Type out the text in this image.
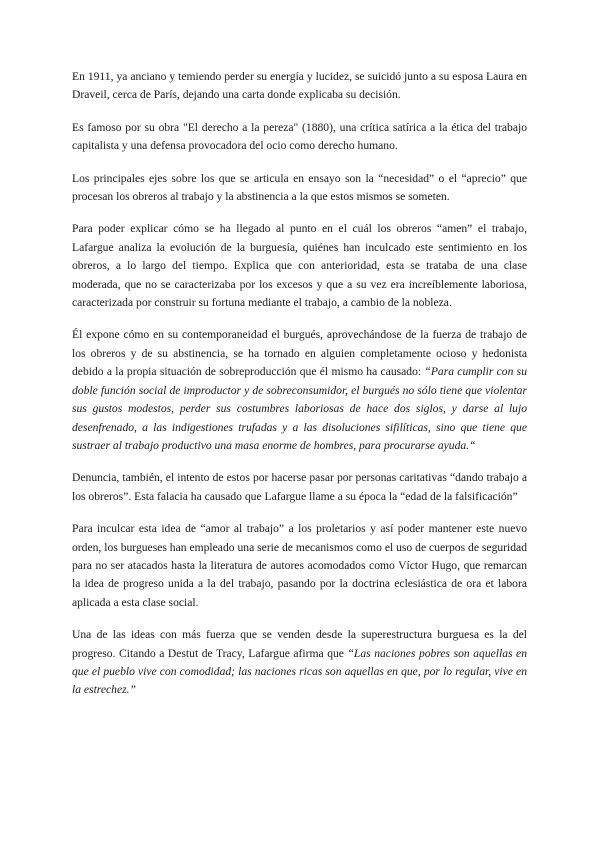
En 1911, ya anciano y temiendo perder su energía y lucidez, se suicidó junto a su esposa Laura en Draveil, cerca de París, dejando una carta donde explicaba su decisión.

Es famoso por su obra "El derecho a la pereza" (1880), una crítica satírica a la ética del trabajo capitalista y una defensa provocadora del ocio como derecho humano.

Los principales ejes sobre los que se articula en ensayo son la “necesidad” o el “aprecio” que procesan los obreros al trabajo y la abstinencia a la que estos mismos se someten.

Para poder explicar cómo se ha llegado al punto en el cuál los obreros “amen” el trabajo, Lafargue analiza la evolución de la burguesía, quiénes han inculcado este sentimiento en los obreros, a lo largo del tiempo. Explica que con anterioridad, esta se trataba de una clase moderada, que no se caracterizaba por los excesos y que a su vez era increíblemente laboriosa, caracterizada por construir su fortuna mediante el trabajo, a cambio de la nobleza.

Él expone cómo en su contemporaneidad el burgués, aprovechándose de la fuerza de trabajo de los obreros y de su abstinencia, se ha tornado en alguien completamente ocioso y hedonista debido a la propia situación de sobreproducción que él mismo ha causado: “Para cumplir con su doble función social de improductor y de sobreconsumidor, el burgués no sólo tiene que violentar sus gustos modestos, perder sus costumbres laboriosas de hace dos siglos, y darse al lujo desenfrenado, a las indigestiones trufadas y a las disoluciones sifilíticas, sino que tiene que sustraer al trabajo productivo una masa enorme de hombres, para procurarse ayuda.“

Denuncia, también, el intento de estos por hacerse pasar por personas caritativas “dando trabajo a los obreros”. Esta falacia ha causado que Lafargue llame a su época la “edad de la falsificación”

Para inculcar esta idea de “amor al trabajo” a los proletarios y así poder mantener este nuevo orden, los burgueses han empleado una serie de mecanismos como el uso de cuerpos de seguridad para no ser atacados hasta la literatura de autores acomodados como Víctor Hugo, que remarcan la idea de progreso unida a la del trabajo, pasando por la doctrina eclesiástica de ora et labora aplicada a esta clase social.

Una de las ideas con más fuerza que se venden desde la superestructura burguesa es la del progreso. Citando a Destut de Tracy, Lafargue afirma que “Las naciones pobres son aquellas en que el pueblo vive con comodidad; las naciones ricas son aquellas en que, por lo regular, vive en la estrechez.”
